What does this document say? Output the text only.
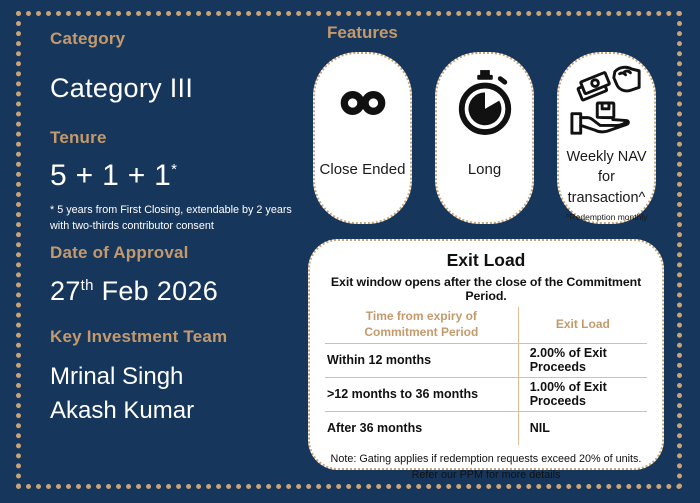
Category
Category III
Tenure
5 + 1 + 1*
* 5 years from First Closing, extendable by 2 years
with two-thirds contributor consent
Date of Approval
27th Feb 2026
Key Investment Team
Mrinal Singh
Akash Kumar
Features
Close Ended	Long
Weekly NAV for transaction^
^Redemption monthly
Exit Load
Exit window opens after the close of the Commitment Period.
Time from expiry of Commitment Period	Exit Load
Within 12 months	2.00% of Exit Proceeds
>12 months to 36 months	1.00% of Exit Proceeds
After 36 months	NIL
Note: Gating applies if redemption requests exceed 20% of units.
Refer our PPM for more details
